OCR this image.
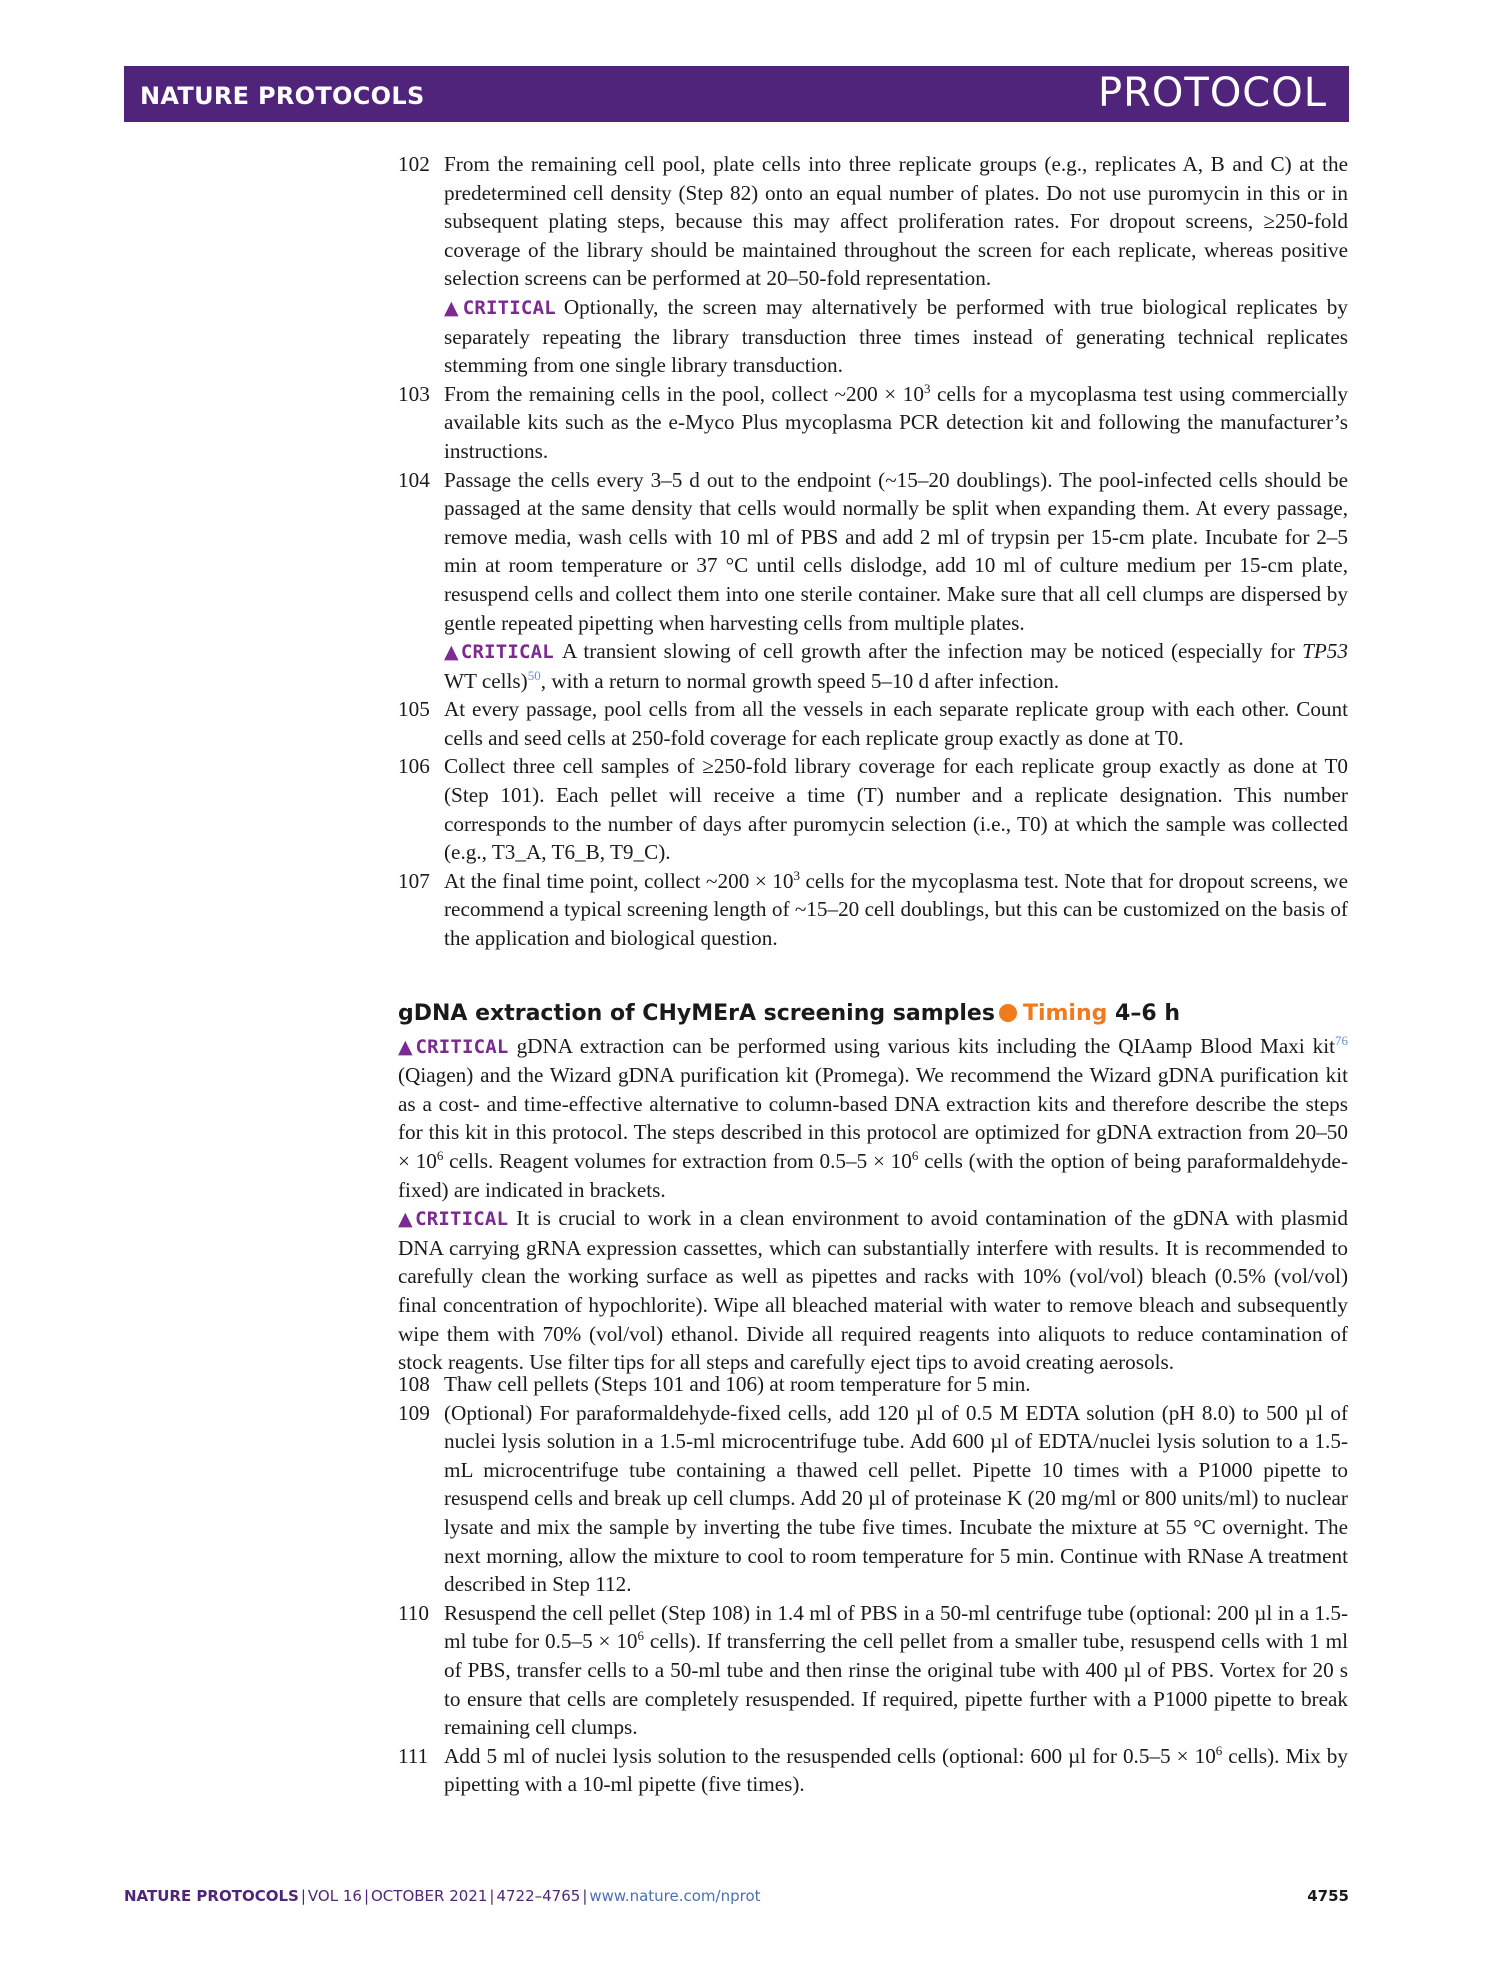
NATURE PROTOCOLS	PROTOCOL
102 From the remaining cell pool, plate cells into three replicate groups (e.g., replicates A, B and C) at the predetermined cell density (Step 82) onto an equal number of plates. Do not use puromycin in this or in subsequent plating steps, because this may affect proliferation rates. For dropout screens, ≥250-fold coverage of the library should be maintained throughout the screen for each replicate, whereas positive selection screens can be performed at 20–50-fold representation.
▲CRITICAL Optionally, the screen may alternatively be performed with true biological replicates by separately repeating the library transduction three times instead of generating technical replicates stemming from one single library transduction.
103 From the remaining cells in the pool, collect ~200 × $10^3$ cells for a mycoplasma test using commercially available kits such as the e-Myco Plus mycoplasma PCR detection kit and following the manufacturer’s instructions.
104 Passage the cells every 3–5 d out to the endpoint (~15–20 doublings). The pool-infected cells should be passaged at the same density that cells would normally be split when expanding them. At every passage, remove media, wash cells with 10 ml of PBS and add 2 ml of trypsin per 15-cm plate. Incubate for 2–5 min at room temperature or 37 °C until cells dislodge, add 10 ml of culture medium per 15-cm plate, resuspend cells and collect them into one sterile container. Make sure that all cell clumps are dispersed by gentle repeated pipetting when harvesting cells from multiple plates.
▲CRITICAL A transient slowing of cell growth after the infection may be noticed (especially for TP53 WT cells)$^{50}$, with a return to normal growth speed 5–10 d after infection.
105 At every passage, pool cells from all the vessels in each separate replicate group with each other. Count cells and seed cells at 250-fold coverage for each replicate group exactly as done at T0.
106 Collect three cell samples of ≥250-fold library coverage for each replicate group exactly as done at T0 (Step 101). Each pellet will receive a time (T) number and a replicate designation. This number corresponds to the number of days after puromycin selection (i.e., T0) at which the sample was collected (e.g., T3_A, T6_B, T9_C).
107 At the final time point, collect ~200 × $10^3$ cells for the mycoplasma test. Note that for dropout screens, we recommend a typical screening length of ~15–20 cell doublings, but this can be customized on the basis of the application and biological question.
gDNA extraction of CHyMErA screening samples Timing 4–6 h
▲CRITICAL gDNA extraction can be performed using various kits including the QIAamp Blood Maxi kit$^{76}$ (Qiagen) and the Wizard gDNA purification kit (Promega). We recommend the Wizard gDNA purification kit as a cost- and time-effective alternative to column-based DNA extraction kits and therefore describe the steps for this kit in this protocol. The steps described in this protocol are optimized for gDNA extraction from $20-50 \times 10^6$ cells. Reagent volumes for extraction from $0.5-5 \times 10^6$ cells (with the option of being paraformaldehyde-fixed) are indicated in brackets.
▲CRITICAL It is crucial to work in a clean environment to avoid contamination of the gDNA with plasmid DNA carrying gRNA expression cassettes, which can substantially interfere with results. It is recommended to carefully clean the working surface as well as pipettes and racks with 10% (vol/vol) bleach (0.5% (vol/vol) final concentration of hypochlorite). Wipe all bleached material with water to remove bleach and subsequently wipe them with 70% (vol/vol) ethanol. Divide all required reagents into aliquots to reduce contamination of stock reagents. Use filter tips for all steps and carefully eject tips to avoid creating aerosols.
108 Thaw cell pellets (Steps 101 and 106) at room temperature for 5 min.
109 (Optional) For paraformaldehyde-fixed cells, add 120 µl of 0.5 M EDTA solution (pH 8.0) to 500 µl of nuclei lysis solution in a 1.5-ml microcentrifuge tube. Add 600 µl of EDTA/nuclei lysis solution to a 1.5-mL microcentrifuge tube containing a thawed cell pellet. Pipette 10 times with a P1000 pipette to resuspend cells and break up cell clumps. Add 20 µl of proteinase K (20 mg/ml or 800 units/ml) to nuclear lysate and mix the sample by inverting the tube five times. Incubate the mixture at 55 °C overnight. The next morning, allow the mixture to cool to room temperature for 5 min. Continue with RNase A treatment described in Step 112.
110 Resuspend the cell pellet (Step 108) in 1.4 ml of PBS in a 50-ml centrifuge tube (optional: 200 µl in a 1.5-ml tube for $0.5-5 \times 10^6$ cells). If transferring the cell pellet from a smaller tube, resuspend cells with 1 ml of PBS, transfer cells to a 50-ml tube and then rinse the original tube with 400 µl of PBS. Vortex for 20 s to ensure that cells are completely resuspended. If required, pipette further with a P1000 pipette to break remaining cell clumps.
111 Add 5 ml of nuclei lysis solution to the resuspended cells (optional: 600 µl for $0.5-5 \times 10^6$ cells). Mix by pipetting with a 10-ml pipette (five times).
NATURE PROTOCOLS | VOL 16 | OCTOBER 2021 | 4722–4765 | www.nature.com/nprot	4755
